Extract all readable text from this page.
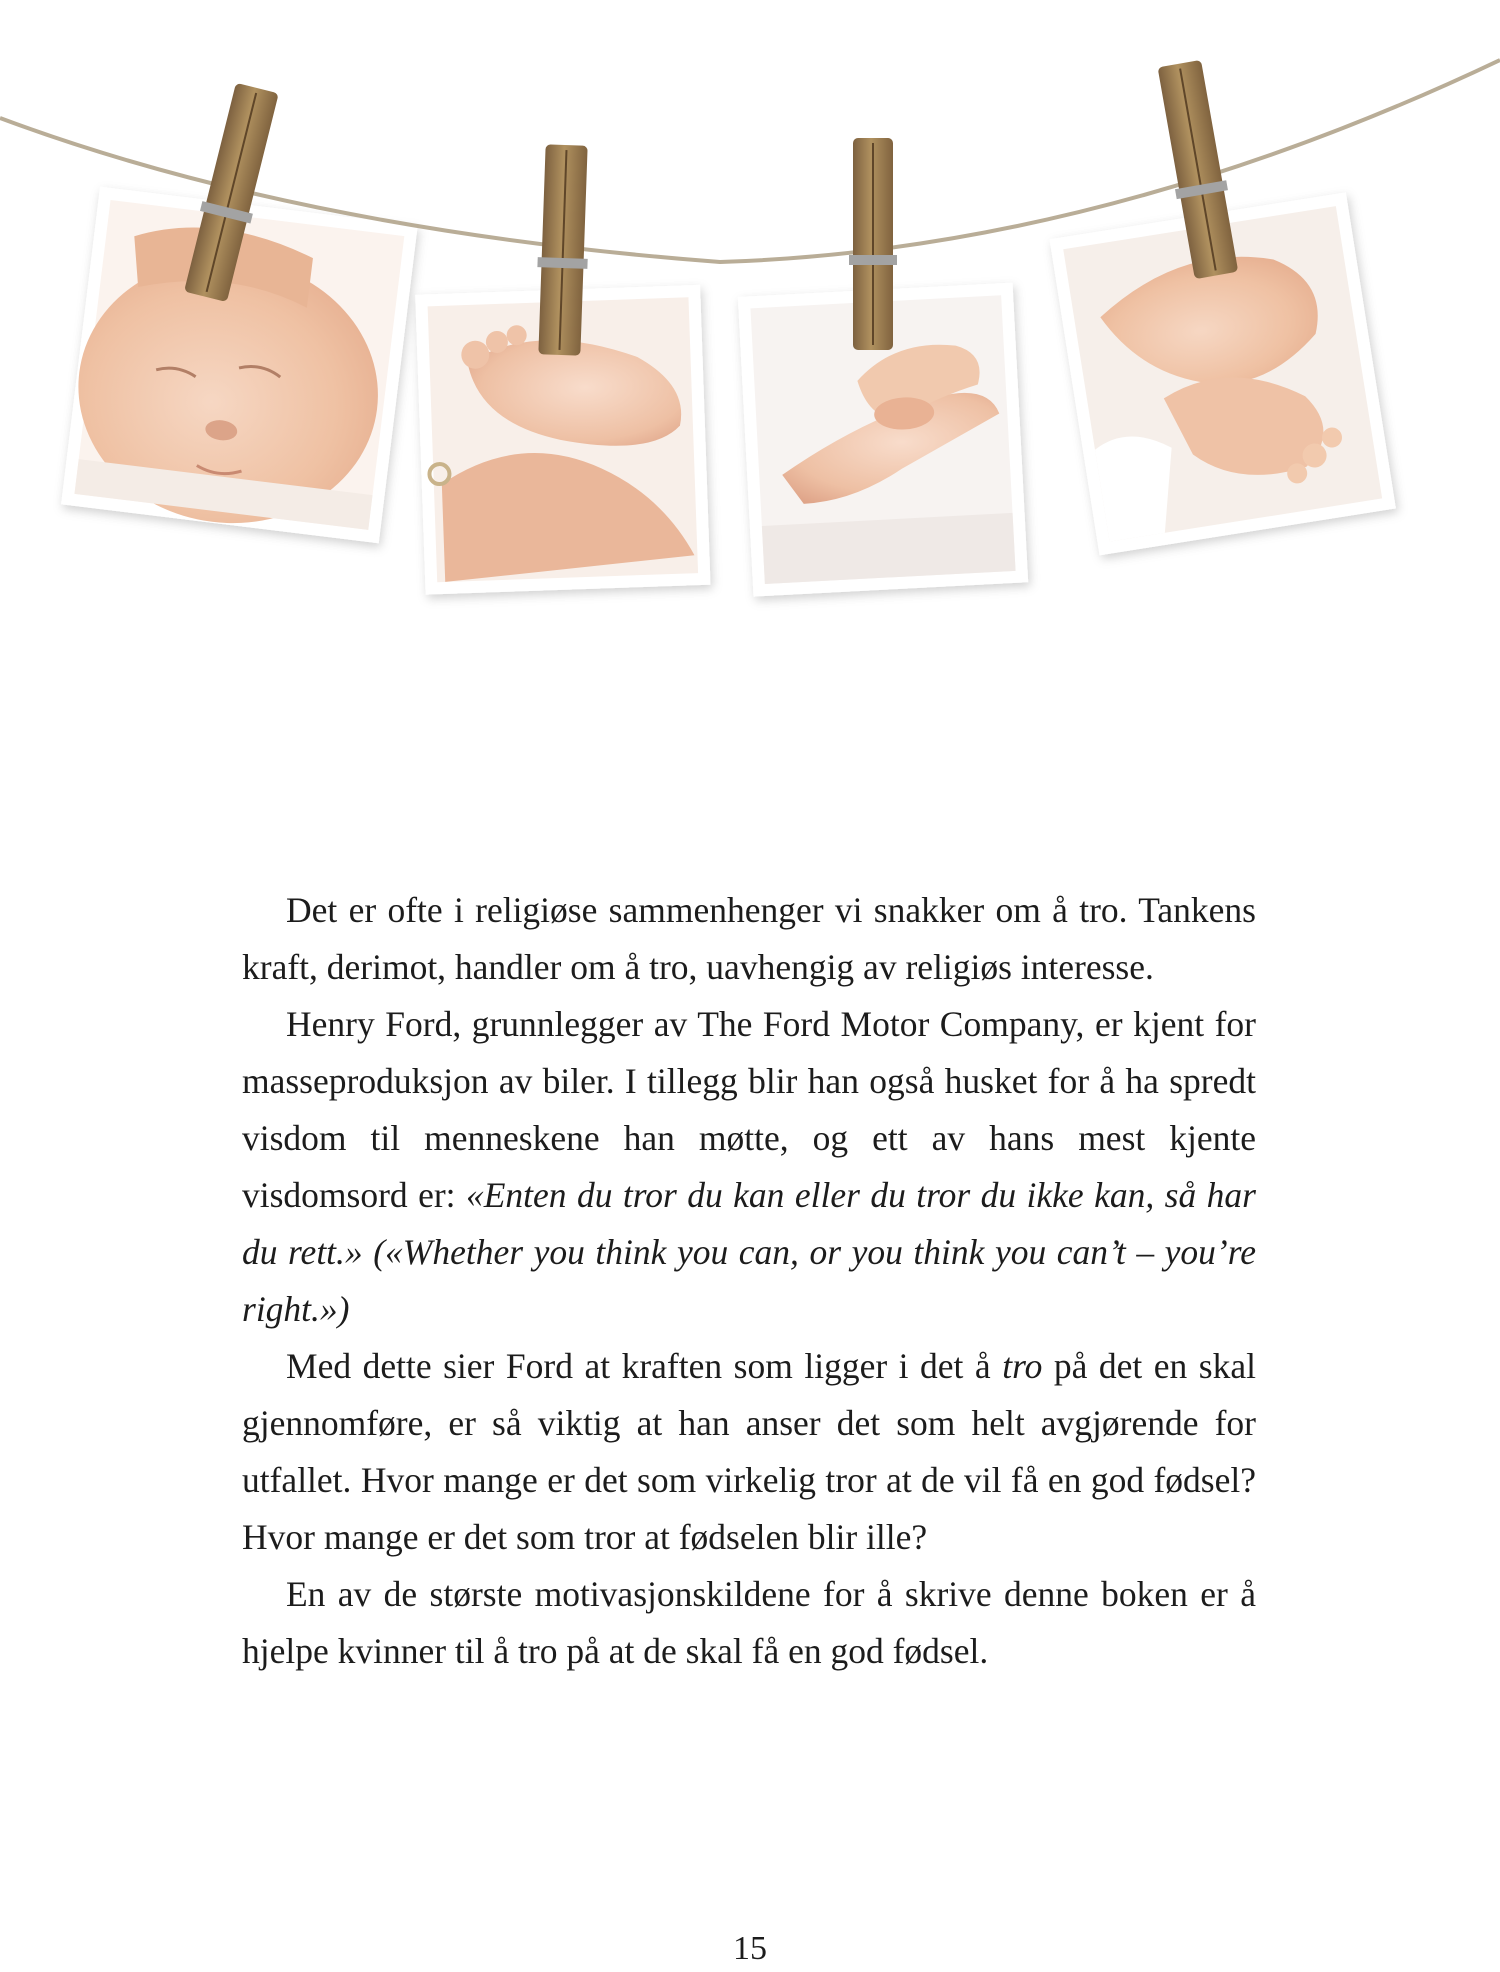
Det er ofte i religiøse sammenhenger vi snakker om å tro. Tankens kraft, derimot, handler om å tro, uavhengig av religiøs interesse.

Henry Ford, grunnlegger av The Ford Motor Company, er kjent for masseproduksjon av biler. I tillegg blir han også husket for å ha spredt visdom til menneskene han møtte, og ett av hans mest kjente visdomsord er: «Enten du tror du kan eller du tror du ikke kan, så har du rett.» («Whether you think you can, or you think you can’t – you’re right.»)

Med dette sier Ford at kraften som ligger i det å tro på det en skal gjennomføre, er så viktig at han anser det som helt avgjørende for utfallet. Hvor mange er det som virkelig tror at de vil få en god fødsel? Hvor mange er det som tror at fødselen blir ille?

En av de største motivasjonskildene for å skrive denne boken er å hjelpe kvinner til å tro på at de skal få en god fødsel.

15
